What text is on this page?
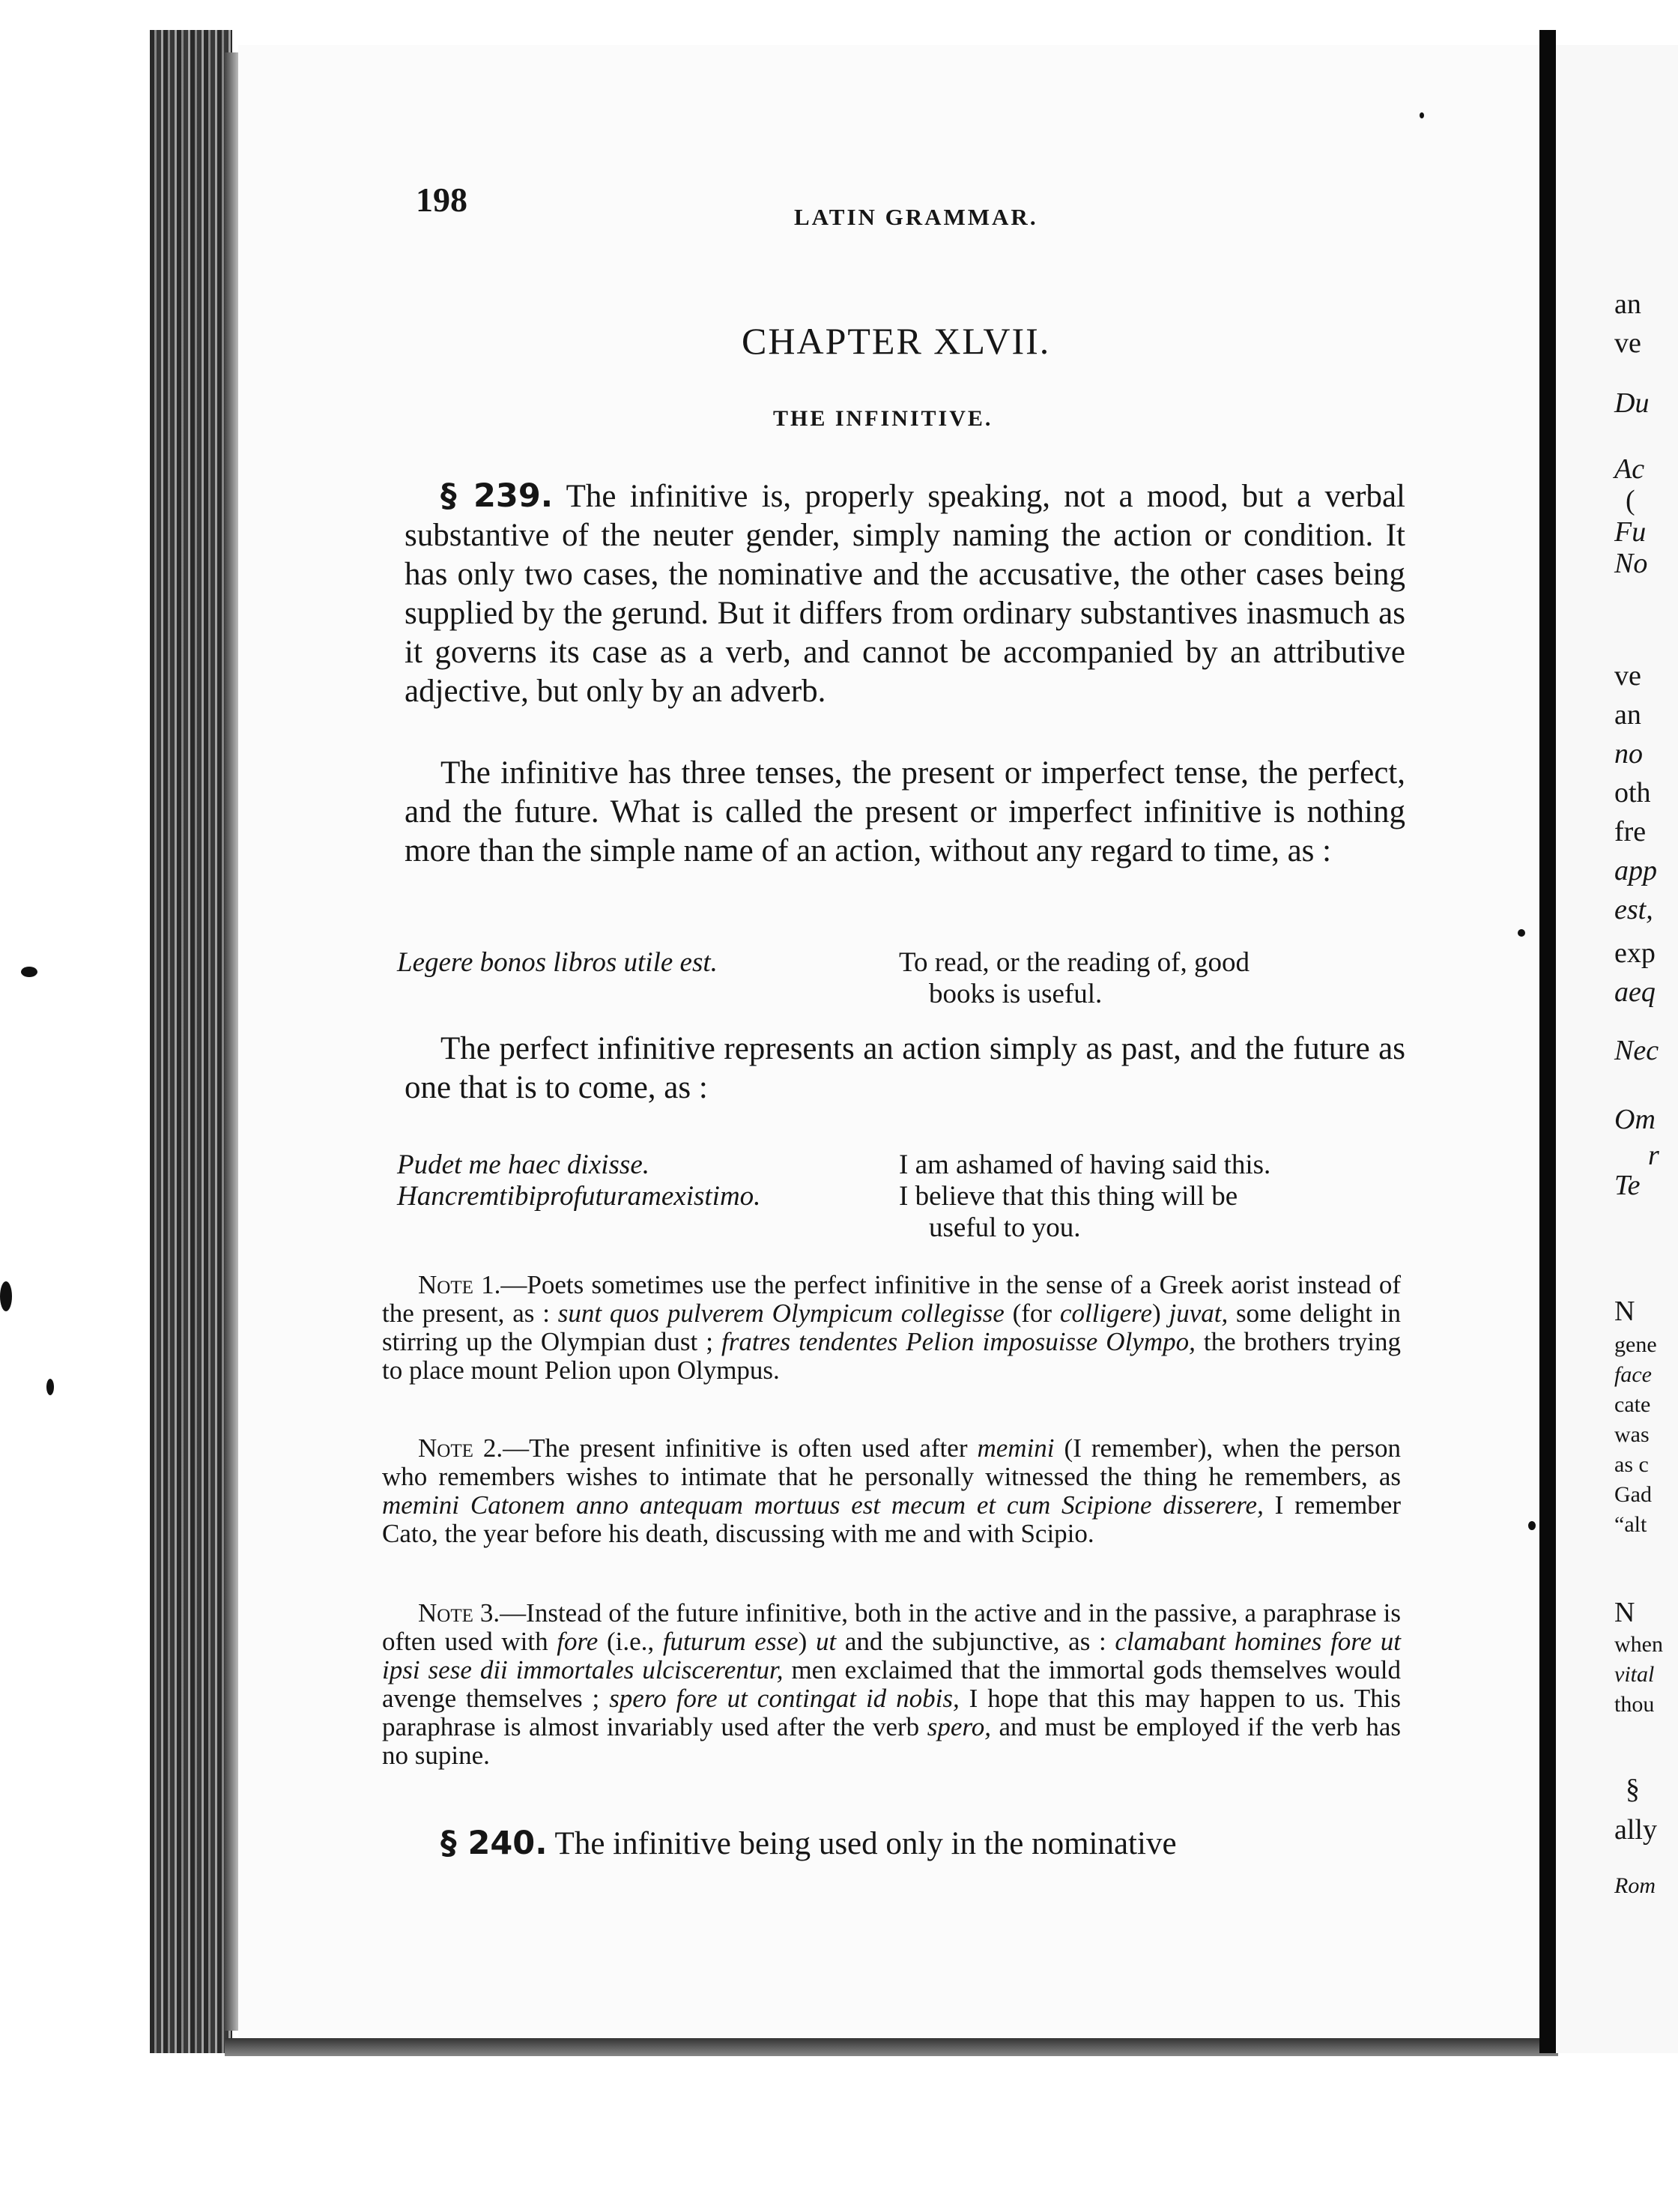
198	LATIN GRAMMAR.
CHAPTER XLVII.
THE INFINITIVE.
§ 239. The infinitive is, properly speaking, not a mood, but a verbal substantive of the neuter gender, simply naming the action or condition. It has only two cases, the nominative and the accusative, the other cases being supplied by the gerund. But it differs from ordinary substantives inasmuch as it governs its case as a verb, and cannot be accompanied by an attributive adjective, but only by an adverb.
The infinitive has three tenses, the present or imperfect tense, the perfect, and the future. What is called the present or imperfect infinitive is nothing more than the simple name of an action, without any regard to time, as :
Legere bonos libros utile est.	To read, or the reading of, good
books is useful.
The perfect infinitive represents an action simply as past, and the future as one that is to come, as :
Pudet me haec dixisse.	I am ashamed of having said this.
Hancremtibiprofuturamexistimo.	I believe that this thing will be
useful to you.
Note 1.—Poets sometimes use the perfect infinitive in the sense of a Greek aorist instead of the present, as : sunt quos pulverem Olympicum collegisse (for colligere) juvat, some delight in stirring up the Olympian dust ; fratres tendentes Pelion imposuisse Olympo, the brothers trying to place mount Pelion upon Olympus.
Note 2.—The present infinitive is often used after memini (I remember), when the person who remembers wishes to intimate that he personally witnessed the thing he remembers, as memini Catonem anno antequam mortuus est mecum et cum Scipione disserere, I remember Cato, the year before his death, discussing with me and with Scipio.
Note 3.—Instead of the future infinitive, both in the active and in the passive, a paraphrase is often used with fore (i.e., futurum esse) ut and the subjunctive, as : clamabant homines fore ut ipsi sese dii immortales ulciscerentur, men exclaimed that the immortal gods themselves would avenge themselves ; spero fore ut contingat id nobis, I hope that this may happen to us. This paraphrase is almost invariably used after the verb spero, and must be employed if the verb has no supine.
§ 240. The infinitive being used only in the nominative
an
ve
Du
Ac
(
Fu
No
ve
an
no
oth
fre
app
est,
exp
aeq
Nec
Om
r
Te
N
gene
face
cate
was
as c
Gad
“alt
N
when
vital
thou
§
ally
Rom
